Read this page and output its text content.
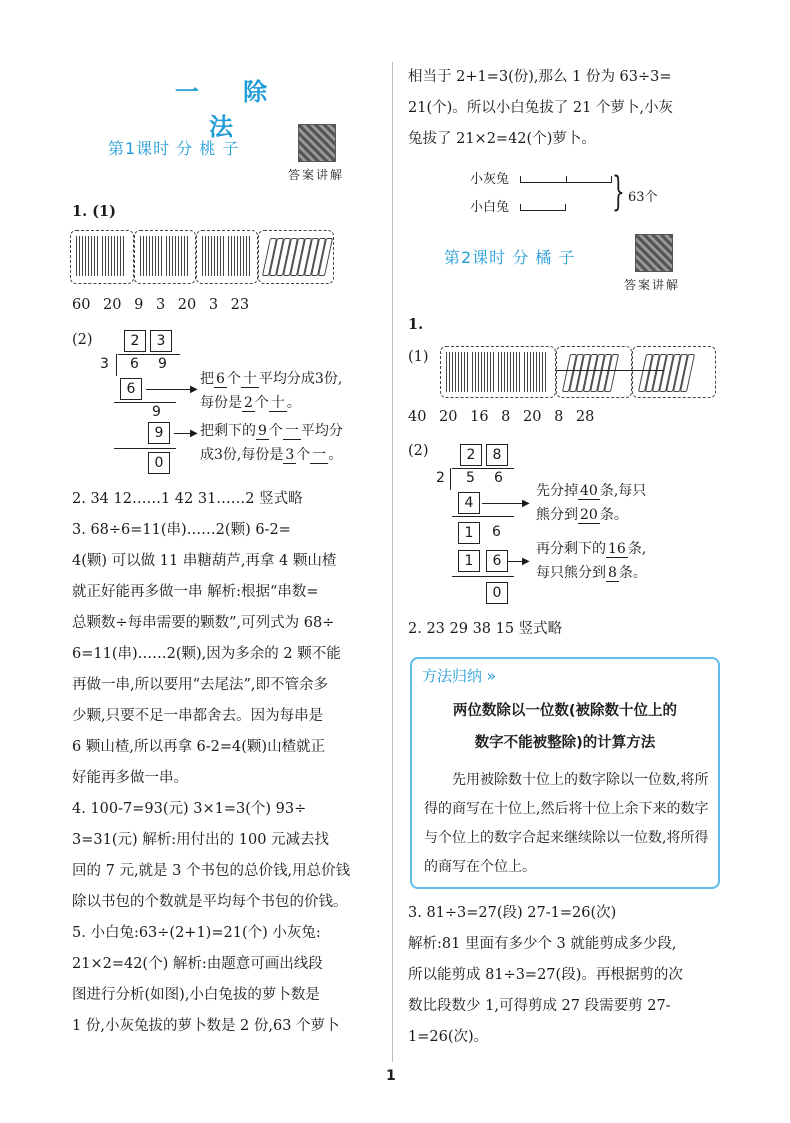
一 除 法
第1课时 分 桃 子
答案讲解
1. (1)
60 20 9 3 20 3 23
(2)	2	3
3 6 9
6
9
9
0
▶
▶
把 6 个 十 平均分成3份,
每份是 2 个 十 。
把剩下的 9 个 一 平均分
成3份,每份是 3 个 一 。
2. 34 12……1 42 31……2 竖式略
3. 68÷6=11(串)……2(颗) 6-2=
4(颗) 可以做 11 串糖葫芦,再拿 4 颗山楂
就正好能再多做一串 解析:根据“串数=
总颗数÷每串需要的颗数”,可列式为 68÷
6=11(串)……2(颗),因为多余的 2 颗不能
再做一串,所以要用“去尾法”,即不管余多
少颗,只要不足一串都舍去。因为每串是
6 颗山楂,所以再拿 6-2=4(颗)山楂就正
好能再多做一串。
4. 100-7=93(元) 3×1=3(个) 93÷
3=31(元) 解析:用付出的 100 元减去找
回的 7 元,就是 3 个书包的总价钱,用总价钱
除以书包的个数就是平均每个书包的价钱。
5. 小白兔:63÷(2+1)=21(个) 小灰兔:
21×2=42(个) 解析:由题意可画出线段
图进行分析(如图),小白兔拔的萝卜数是
1 份,小灰兔拔的萝卜数是 2 份,63 个萝卜
相当于 2+1=3(份),那么 1 份为 63÷3=
21(个)。所以小白兔拔了 21 个萝卜,小灰
兔拔了 21×2=42(个)萝卜。
小灰兔
小白兔	} 63个
第2课时 分 橘 子
答案讲解
1.
(1)
40 20 16 8 20 8 28
(2)	2	8
2 5 6
4
1	6
1	6
0
▶
▶
先分掉 40 条,每只
熊分到 20 条。
再分剩下的 16 条,
每只熊分到 8 条。
2. 23 29 38 15 竖式略
方法归纳 »
两位数除以一位数(被除数十位上的
数字不能被整除)的计算方法
先用被除数十位上的数字除以一位数,将所得的商写在十位上,然后将十位上余下来的数字与个位上的数字合起来继续除以一位数,将所得的商写在个位上。
3. 81÷3=27(段) 27-1=26(次)
解析:81 里面有多少个 3 就能剪成多少段,
所以能剪成 81÷3=27(段)。再根据剪的次
数比段数少 1,可得剪成 27 段需要剪 27-
1=26(次)。
1
